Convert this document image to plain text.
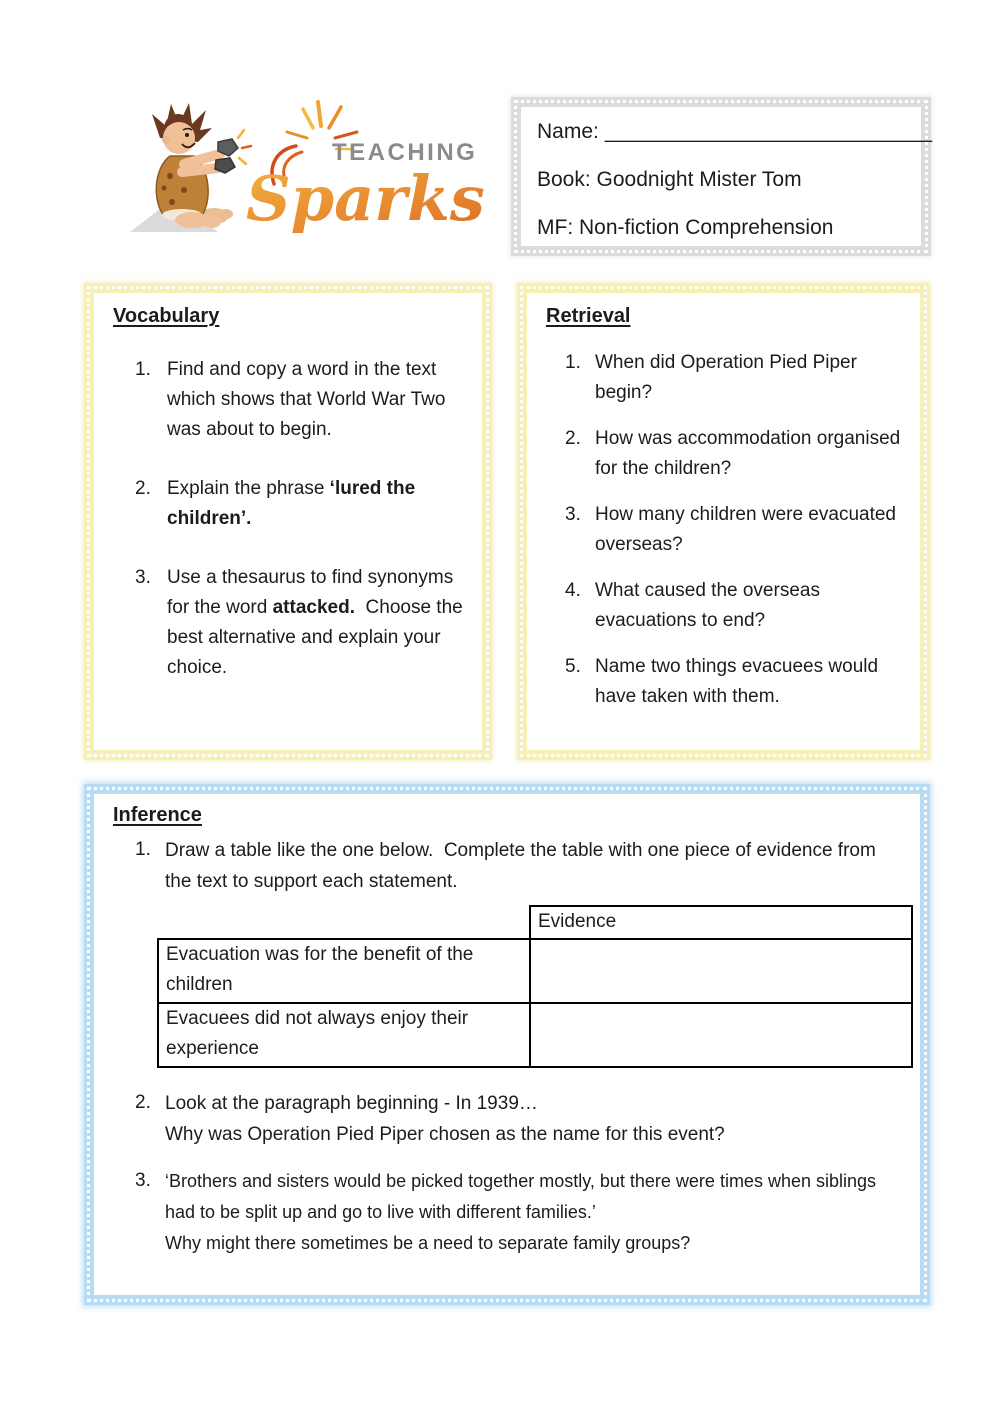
TEACHING
Sparks

Name: ____________________________

Book: Goodnight Mister Tom

MF: Non-fiction Comprehension

Vocabulary
1. Find and copy a word in the text which shows that World War Two was about to begin.
2. Explain the phrase ‘lured the children’.
3. Use a thesaurus to find synonyms for the word attacked.  Choose the best alternative and explain your choice.
Retrieval
1. When did Operation Pied Piper begin?
2. How was accommodation organised for the children?
3. How many children were evacuated overseas?
4. What caused the overseas evacuations to end?
5. Name two things evacuees would have taken with them.
Inference
1. Draw a table like the one below.  Complete the table with one piece of evidence from the text to support each statement.
	Evidence
Evacuation was for the benefit of the children	
Evacuees did not always enjoy their experience	
2. Look at the paragraph beginning - In 1939…
Why was Operation Pied Piper chosen as the name for this event?
3. ‘Brothers and sisters would be picked together mostly, but there were times when siblings had to be split up and go to live with different families.’
Why might there sometimes be a need to separate family groups?
